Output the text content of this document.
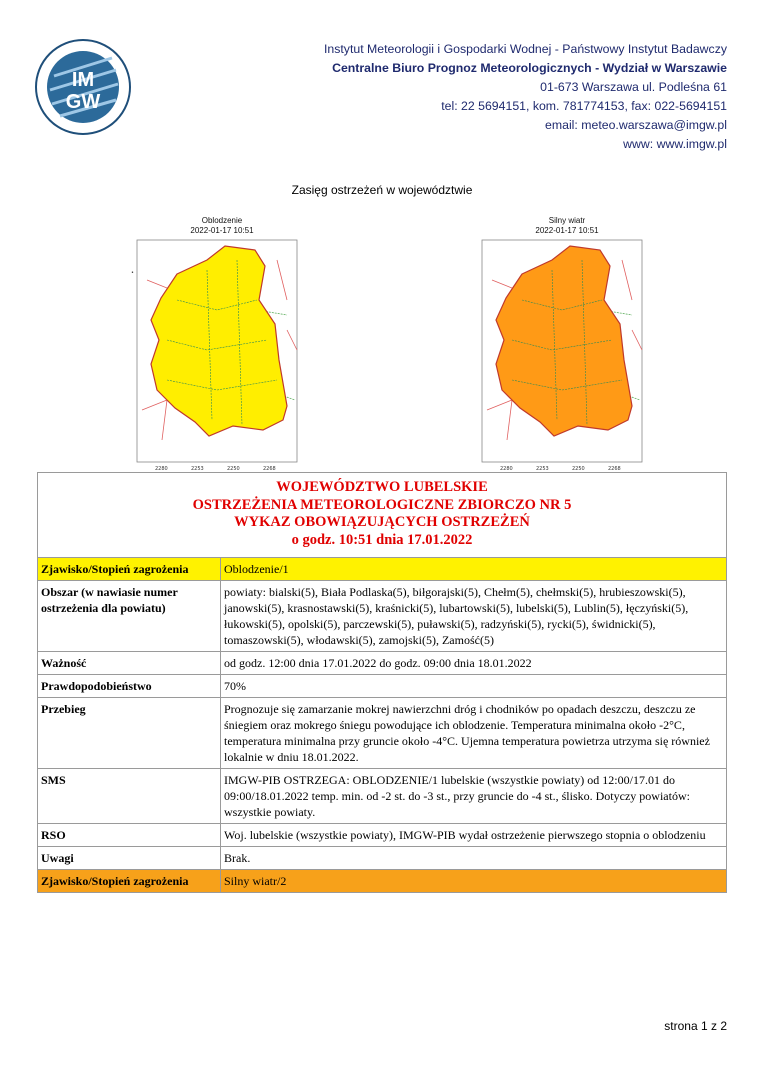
IM
GW
Instytut Meteorologii i Gospodarki Wodnej - Państwowy Instytut Badawczy
Centralne Biuro Prognoz Meteorologicznych - Wydział w Warszawie
01-673 Warszawa ul. Podleśna 61
tel: 22 5694151, kom. 781774153, fax: 022-5694151
email: meteo.warszawa@imgw.pl
www: www.imgw.pl
Zasięg ostrzeżeń w województwie
Oblodzenie
2022-01-17 10:51
•
2280	2253	2250	2268
Silny wiatr
2022-01-17 10:51
2280	2253	2250	2268
WOJEWÓDZTWO LUBELSKIE
OSTRZEŻENIA METEOROLOGICZNE ZBIORCZO NR 5
WYKAZ OBOWIĄZUJĄCYCH OSTRZEŻEŃ
o godz. 10:51 dnia 17.01.2022	

Zjawisko/Stopień zagrożenia	Oblodzenie/1
Obszar (w nawiasie numer ostrzeżenia dla powiatu)	powiaty: bialski(5), Biała Podlaska(5), biłgorajski(5), Chełm(5), chełmski(5), hrubieszowski(5), janowski(5), krasnostawski(5), kraśnicki(5), lubartowski(5), lubelski(5), Lublin(5), łęczyński(5), łukowski(5), opolski(5), parczewski(5), puławski(5), radzyński(5), rycki(5), świdnicki(5), tomaszowski(5), włodawski(5), zamojski(5), Zamość(5)
Ważność	od godz. 12:00 dnia 17.01.2022 do godz. 09:00 dnia 18.01.2022
Prawdopodobieństwo	70%
Przebieg	Prognozuje się zamarzanie mokrej nawierzchni dróg i chodników po opadach deszczu, deszczu ze śniegiem oraz mokrego śniegu powodujące ich oblodzenie. Temperatura minimalna około -2°C, temperatura minimalna przy gruncie około -4°C. Ujemna temperatura powietrza utrzyma się również lokalnie w dniu 18.01.2022.
SMS	IMGW-PIB OSTRZEGA: OBLODZENIE/1 lubelskie (wszystkie powiaty) od 12:00/17.01 do 09:00/18.01.2022 temp. min. od -2 st. do -3 st., przy gruncie do -4 st., ślisko. Dotyczy powiatów: wszystkie powiaty.
RSO	Woj. lubelskie (wszystkie powiaty), IMGW-PIB wydał ostrzeżenie pierwszego stopnia o oblodzeniu
Uwagi	Brak.
Zjawisko/Stopień zagrożenia	Silny wiatr/2
strona 1 z 2
